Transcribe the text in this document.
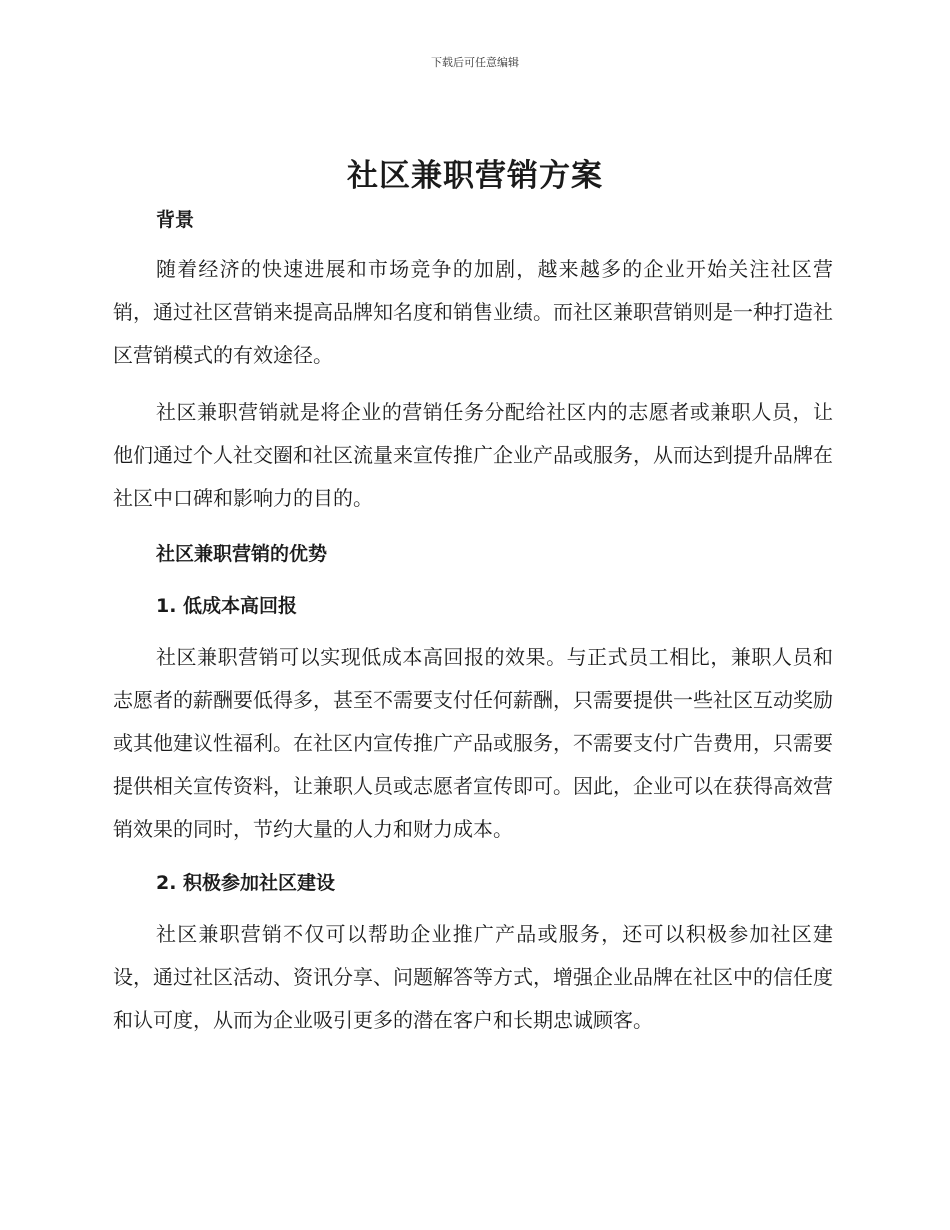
下载后可任意编辑
社区兼职营销方案

背景

随着经济的快速进展和市场竞争的加剧，越来越多的企业开始关注社区营销，通过社区营销来提高品牌知名度和销售业绩。而社区兼职营销则是一种打造社区营销模式的有效途径。

社区兼职营销就是将企业的营销任务分配给社区内的志愿者或兼职人员，让他们通过个人社交圈和社区流量来宣传推广企业产品或服务，从而达到提升品牌在社区中口碑和影响力的目的。

社区兼职营销的优势

1. 低成本高回报

社区兼职营销可以实现低成本高回报的效果。与正式员工相比，兼职人员和志愿者的薪酬要低得多，甚至不需要支付任何薪酬，只需要提供一些社区互动奖励或其他建议性福利。在社区内宣传推广产品或服务，不需要支付广告费用，只需要提供相关宣传资料，让兼职人员或志愿者宣传即可。因此，企业可以在获得高效营销效果的同时，节约大量的人力和财力成本。

2. 积极参加社区建设

社区兼职营销不仅可以帮助企业推广产品或服务，还可以积极参加社区建设，通过社区活动、资讯分享、问题解答等方式，增强企业品牌在社区中的信任度和认可度，从而为企业吸引更多的潜在客户和长期忠诚顾客。
